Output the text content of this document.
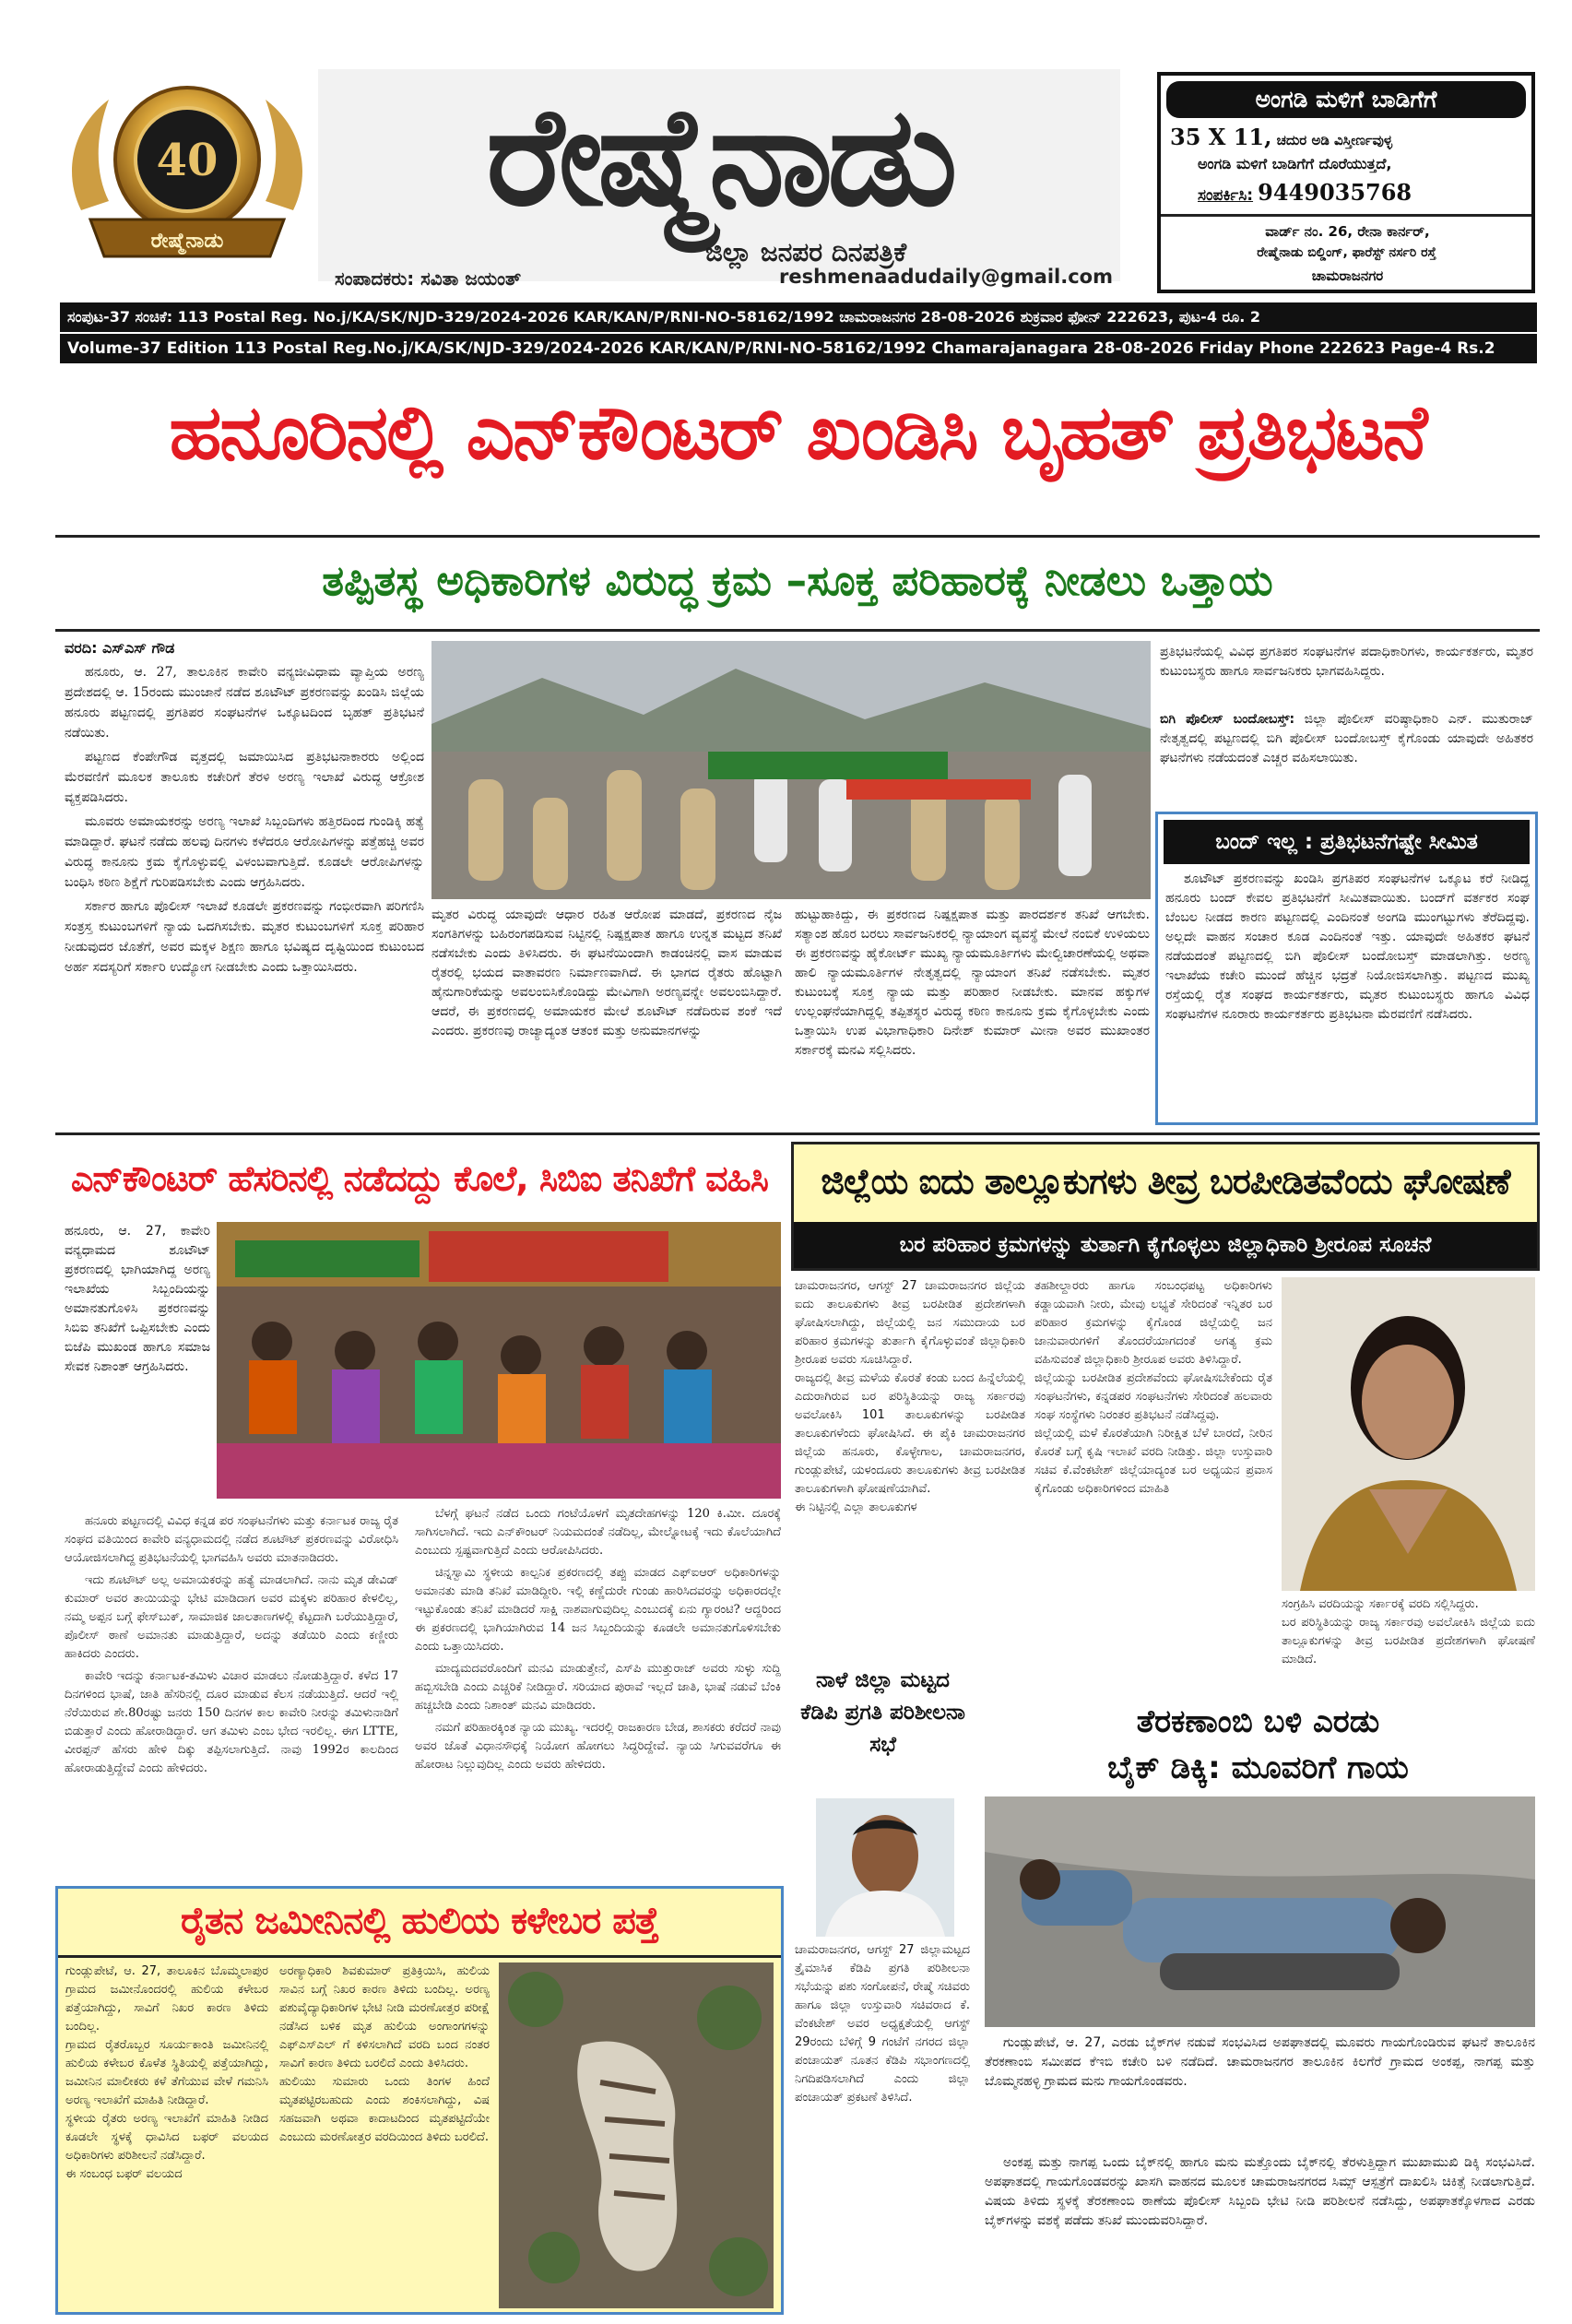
40
ರೇಷ್ಮೆನಾಡು
ರೇಷ್ಮೆನಾಡು
ಜಿಲ್ಲಾ ಜನಪರ ದಿನಪತ್ರಿಕೆ
ಸಂಪಾದಕರು: ಸವಿತಾ ಜಯಂತ್	reshmenaadudaily@gmail.com
ಅಂಗಡಿ ಮಳಿಗೆ ಬಾಡಿಗೆಗೆ
35 X 11, ಚದುರ ಅಡಿ ವಿಸ್ತೀರ್ಣವುಳ್ಳ
ಅಂಗಡಿ ಮಳಿಗೆ ಬಾಡಿಗೆಗೆ ದೊರೆಯುತ್ತದೆ,
ಸಂಪರ್ಕಿಸಿ: 9449035768
ವಾರ್ಡ್ ನಂ. 26, ರೇನಾ ಕಾರ್ನರ್,
ರೇಷ್ಮೆನಾಡು ಬಿಲ್ಡಿಂಗ್, ಫಾರೆಸ್ಟ್ ನರ್ಸರಿ ರಸ್ತೆ
ಚಾಮರಾಜನಗರ
ಸಂಪುಟ-37 ಸಂಚಿಕೆ: 113 Postal Reg. No.j/KA/SK/NJD-329/2024-2026 KAR/KAN/P/RNI-NO-58162/1992 ಚಾಮರಾಜನಗರ 28-08-2026 ಶುಕ್ರವಾರ ಫೋನ್ 222623, ಪುಟ-4 ರೂ. 2
Volume-37 Edition 113 Postal Reg.No.j/KA/SK/NJD-329/2024-2026 KAR/KAN/P/RNI-NO-58162/1992 Chamarajanagara 28-08-2026 Friday Phone 222623 Page-4 Rs.2
ಹನೂರಿನಲ್ಲಿ ಎನ್‌ಕೌಂಟರ್ ಖಂಡಿಸಿ ಬೃಹತ್ ಪ್ರತಿಭಟನೆ
ತಪ್ಪಿತಸ್ಥ ಅಧಿಕಾರಿಗಳ ವಿರುದ್ಧ ಕ್ರಮ –ಸೂಕ್ತ ಪರಿಹಾರಕ್ಕೆ ನೀಡಲು ಒತ್ತಾಯ
ವರದಿ: ಎಸ್‌ಎಸ್ ಗೌಡ

ಹನೂರು, ಆ. 27, ತಾಲೂಕಿನ ಕಾವೇರಿ ವನ್ಯಜೀವಿಧಾಮ ವ್ಯಾಪ್ತಿಯ ಅರಣ್ಯ ಪ್ರದೇಶದಲ್ಲಿ ಆ. 15ರಂದು ಮುಂಜಾನೆ ನಡೆದ ಶೂಟೌಟ್ ಪ್ರಕರಣವನ್ನು ಖಂಡಿಸಿ ಜಿಲ್ಲೆಯ ಹನೂರು ಪಟ್ಟಣದಲ್ಲಿ ಪ್ರಗತಿಪರ ಸಂಘಟನೆಗಳ ಒಕ್ಕೂಟದಿಂದ ಬೃಹತ್ ಪ್ರತಿಭಟನೆ ನಡೆಯಿತು.

ಪಟ್ಟಣದ ಕೆಂಪೇಗೌಡ ವೃತ್ತದಲ್ಲಿ ಜಮಾಯಿಸಿದ ಪ್ರತಿಭಟನಾಕಾರರು ಅಲ್ಲಿಂದ ಮೆರವಣಿಗೆ ಮೂಲಕ ತಾಲೂಕು ಕಚೇರಿಗೆ ತೆರಳಿ ಅರಣ್ಯ ಇಲಾಖೆ ವಿರುದ್ಧ ಆಕ್ರೋಶ ವ್ಯಕ್ತಪಡಿಸಿದರು.

ಮೂವರು ಅಮಾಯಕರನ್ನು ಅರಣ್ಯ ಇಲಾಖೆ ಸಿಬ್ಬಂದಿಗಳು ಹತ್ತಿರದಿಂದ ಗುಂಡಿಕ್ಕಿ ಹತ್ಯೆ ಮಾಡಿದ್ದಾರೆ. ಘಟನೆ ನಡೆದು ಹಲವು ದಿನಗಳು ಕಳೆದರೂ ಆರೋಪಿಗಳನ್ನು ಪತ್ತೆಹಚ್ಚಿ ಅವರ ವಿರುದ್ಧ ಕಾನೂನು ಕ್ರಮ ಕೈಗೊಳ್ಳುವಲ್ಲಿ ವಿಳಂಬವಾಗುತ್ತಿದೆ. ಕೂಡಲೇ ಆರೋಪಿಗಳನ್ನು ಬಂಧಿಸಿ ಕಠಿಣ ಶಿಕ್ಷೆಗೆ ಗುರಿಪಡಿಸಬೇಕು ಎಂದು ಆಗ್ರಹಿಸಿದರು.

ಸರ್ಕಾರ ಹಾಗೂ ಪೊಲೀಸ್ ಇಲಾಖೆ ಕೂಡಲೇ ಪ್ರಕರಣವನ್ನು ಗಂಭೀರವಾಗಿ ಪರಿಗಣಿಸಿ ಸಂತ್ರಸ್ತ ಕುಟುಂಬಗಳಿಗೆ ನ್ಯಾಯ ಒದಗಿಸಬೇಕು. ಮೃತರ ಕುಟುಂಬಗಳಿಗೆ ಸೂಕ್ತ ಪರಿಹಾರ ನೀಡುವುದರ ಜೊತೆಗೆ, ಅವರ ಮಕ್ಕಳ ಶಿಕ್ಷಣ ಹಾಗೂ ಭವಿಷ್ಯದ ದೃಷ್ಟಿಯಿಂದ ಕುಟುಂಬದ ಅರ್ಹ ಸದಸ್ಯರಿಗೆ ಸರ್ಕಾರಿ ಉದ್ಯೋಗ ನೀಡಬೇಕು ಎಂದು ಒತ್ತಾಯಿಸಿದರು.

ಮೃತರ ವಿರುದ್ಧ ಯಾವುದೇ ಆಧಾರ ರಹಿತ ಆರೋಪ ಮಾಡದೆ, ಪ್ರಕರಣದ ನೈಜ ಸಂಗತಿಗಳನ್ನು ಬಹಿರಂಗಪಡಿಸುವ ನಿಟ್ಟಿನಲ್ಲಿ ನಿಷ್ಪಕ್ಷಪಾತ ಹಾಗೂ ಉನ್ನತ ಮಟ್ಟದ ತನಿಖೆ ನಡೆಸಬೇಕು ಎಂದು ತಿಳಿಸಿದರು. ಈ ಘಟನೆಯಿಂದಾಗಿ ಕಾಡಂಚಿನಲ್ಲಿ ವಾಸ ಮಾಡುವ ರೈತರಲ್ಲಿ ಭಯದ ವಾತಾವರಣ ನಿರ್ಮಾಣವಾಗಿದೆ. ಈ ಭಾಗದ ರೈತರು ಹೊಟ್ಟಾಗಿ ಹೈನುಗಾರಿಕೆಯನ್ನು ಅವಲಂಬಿಸಿಕೊಂಡಿದ್ದು ಮೇವಿಗಾಗಿ ಅರಣ್ಯವನ್ನೇ ಅವಲಂಬಿಸಿದ್ದಾರೆ. ಆದರೆ, ಈ ಪ್ರಕರಣದಲ್ಲಿ ಅಮಾಯಕರ ಮೇಲೆ ಶೂಟೌಟ್ ನಡೆದಿರುವ ಶಂಕೆ ಇದೆ ಎಂದರು. ಪ್ರಕರಣವು ರಾಜ್ಯಾದ್ಯಂತ ಆತಂಕ ಮತ್ತು ಅನುಮಾನಗಳನ್ನು
ಹುಟ್ಟುಹಾಕಿದ್ದು, ಈ ಪ್ರಕರಣದ ನಿಷ್ಪಕ್ಷಪಾತ ಮತ್ತು ಪಾರದರ್ಶಕ ತನಿಖೆ ಆಗಬೇಕು. ಸತ್ಯಾಂಶ ಹೊರ ಬರಲು ಸಾರ್ವಜನಿಕರಲ್ಲಿ ನ್ಯಾಯಾಂಗ ವ್ಯವಸ್ಥೆ ಮೇಲೆ ನಂಬಿಕೆ ಉಳಿಯಲು ಈ ಪ್ರಕರಣವನ್ನು ಹೈಕೋರ್ಟ್ ಮುಖ್ಯ ನ್ಯಾಯಮೂರ್ತಿಗಳು ಮೇಲ್ವಿಚಾರಣೆಯಲ್ಲಿ ಅಥವಾ ಹಾಲಿ ನ್ಯಾಯಮೂರ್ತಿಗಳ ನೇತೃತ್ವದಲ್ಲಿ ನ್ಯಾಯಾಂಗ ತನಿಖೆ ನಡೆಸಬೇಕು. ಮೃತರ ಕುಟುಂಬಕ್ಕೆ ಸೂಕ್ತ ನ್ಯಾಯ ಮತ್ತು ಪರಿಹಾರ ನೀಡಬೇಕು. ಮಾನವ ಹಕ್ಕುಗಳ ಉಲ್ಲಂಘನೆಯಾಗಿದ್ದಲ್ಲಿ ತಪ್ಪಿತಸ್ಥರ ವಿರುದ್ಧ ಕಠಿಣ ಕಾನೂನು ಕ್ರಮ ಕೈಗೊಳ್ಳಬೇಕು ಎಂದು ಒತ್ತಾಯಿಸಿ ಉಪ ವಿಭಾಗಾಧಿಕಾರಿ ದಿನೇಶ್ ಕುಮಾರ್ ಮೀನಾ ಅವರ ಮುಖಾಂತರ ಸರ್ಕಾರಕ್ಕೆ ಮನವಿ ಸಲ್ಲಿಸಿದರು.
ಪ್ರತಿಭಟನೆಯಲ್ಲಿ ವಿವಿಧ ಪ್ರಗತಿಪರ ಸಂಘಟನೆಗಳ ಪದಾಧಿಕಾರಿಗಳು, ಕಾರ್ಯಕರ್ತರು, ಮೃತರ ಕುಟುಂಬಸ್ಥರು ಹಾಗೂ ಸಾರ್ವಜನಿಕರು ಭಾಗವಹಿಸಿದ್ದರು.
ಬಿಗಿ ಪೊಲೀಸ್ ಬಂದೋಬಸ್ತ್: ಜಿಲ್ಲಾ ಪೊಲೀಸ್ ವರಿಷ್ಠಾಧಿಕಾರಿ ಎನ್. ಮುತುರಾಜ್ ನೇತೃತ್ವದಲ್ಲಿ ಪಟ್ಟಣದಲ್ಲಿ ಬಿಗಿ ಪೊಲೀಸ್ ಬಂದೋಬಸ್ತ್ ಕೈಗೊಂಡು ಯಾವುದೇ ಅಹಿತಕರ ಘಟನೆಗಳು ನಡೆಯದಂತೆ ಎಚ್ಚರ ವಹಿಸಲಾಯಿತು.
ಬಂದ್ ಇಲ್ಲ : ಪ್ರತಿಭಟನೆಗಷ್ಟೇ ಸೀಮಿತ
ಶೂಟೌಟ್ ಪ್ರಕರಣವನ್ನು ಖಂಡಿಸಿ ಪ್ರಗತಿಪರ ಸಂಘಟನೆಗಳ ಒಕ್ಕೂಟ ಕರೆ ನೀಡಿದ್ದ ಹನೂರು ಬಂದ್ ಕೇವಲ ಪ್ರತಿಭಟನೆಗೆ ಸೀಮಿತವಾಯಿತು. ಬಂದ್‌ಗೆ ವರ್ತಕರ ಸಂಘ ಬೆಂಬಲ ನೀಡದ ಕಾರಣ ಪಟ್ಟಣದಲ್ಲಿ ಎಂದಿನಂತೆ ಅಂಗಡಿ ಮುಂಗಟ್ಟುಗಳು ತೆರೆದಿದ್ದವು. ಅಲ್ಲದೇ ವಾಹನ ಸಂಚಾರ ಕೂಡ ಎಂದಿನಂತೆ ಇತ್ತು. ಯಾವುದೇ ಅಹಿತಕರ ಘಟನೆ ನಡೆಯದಂತೆ ಪಟ್ಟಣದಲ್ಲಿ ಬಿಗಿ ಪೊಲೀಸ್ ಬಂದೋಬಸ್ತ್ ಮಾಡಲಾಗಿತ್ತು. ಅರಣ್ಯ ಇಲಾಖೆಯ ಕಚೇರಿ ಮುಂದೆ ಹೆಚ್ಚಿನ ಭದ್ರತೆ ನಿಯೋಜಿಸಲಾಗಿತ್ತು. ಪಟ್ಟಣದ ಮುಖ್ಯ ರಸ್ತೆಯಲ್ಲಿ ರೈತ ಸಂಘದ ಕಾರ್ಯಕರ್ತರು, ಮೃತರ ಕುಟುಂಬಸ್ಥರು ಹಾಗೂ ವಿವಿಧ ಸಂಘಟನೆಗಳ ನೂರಾರು ಕಾರ್ಯಕರ್ತರು ಪ್ರತಿಭಟನಾ ಮೆರವಣಿಗೆ ನಡೆಸಿದರು.
ಎನ್‌ಕೌಂಟರ್ ಹೆಸರಿನಲ್ಲಿ ನಡೆದದ್ದು ಕೊಲೆ, ಸಿಬಿಐ ತನಿಖೆಗೆ ವಹಿಸಿ
ಹನೂರು, ಆ. 27, ಕಾವೇರಿ ವನ್ಯಧಾಮದ ಶೂಟೌಟ್ ಪ್ರಕರಣದಲ್ಲಿ ಭಾಗಿಯಾಗಿದ್ದ ಅರಣ್ಯ ಇಲಾಖೆಯ ಸಿಬ್ಬಂದಿಯನ್ನು ಅಮಾನತುಗೊಳಿಸಿ ಪ್ರಕರಣವನ್ನು ಸಿಬಿಐ ತನಿಖೆಗೆ ಒಪ್ಪಿಸಬೇಕು ಎಂದು ಬಿಜೆಪಿ ಮುಖಂಡ ಹಾಗೂ ಸಮಾಜ ಸೇವಕ ನಿಶಾಂತ್ ಆಗ್ರಹಿಸಿದರು.

ಹನೂರು ಪಟ್ಟಣದಲ್ಲಿ ವಿವಿಧ ಕನ್ನಡ ಪರ ಸಂಘಟನೆಗಳು ಮತ್ತು ಕರ್ನಾಟಕ ರಾಜ್ಯ ರೈತ ಸಂಘದ ವತಿಯಿಂದ ಕಾವೇರಿ ವನ್ಯಧಾಮದಲ್ಲಿ ನಡೆದ ಶೂಟೌಟ್ ಪ್ರಕರಣವನ್ನು ವಿರೋಧಿಸಿ ಆಯೋಜಿಸಲಾಗಿದ್ದ ಪ್ರತಿಭಟನೆಯಲ್ಲಿ ಭಾಗವಹಿಸಿ ಅವರು ಮಾತನಾಡಿದರು.

ಇದು ಶೂಟೌಟ್ ಅಲ್ಲ ಅಮಾಯಕರನ್ನು ಹತ್ಯೆ ಮಾಡಲಾಗಿದೆ. ನಾನು ಮೃತ ಡೇವಿಡ್ ಕುಮಾರ್ ಅವರ ತಾಯಿಯನ್ನು ಭೇಟಿ ಮಾಡಿದಾಗ ಅವರ ಮಕ್ಕಳು ಪರಿಹಾರ ಕೇಳಲಿಲ್ಲ, ನಮ್ಮ ಅಪ್ಪನ ಬಗ್ಗೆ ಫೇಸ್‌ಬುಕ್, ಸಾಮಾಜಿಕ ಜಾಲತಾಣಗಳಲ್ಲಿ ಕೆಟ್ಟದಾಗಿ ಬರೆಯುತ್ತಿದ್ದಾರೆ, ಪೊಲೀಸ್ ಠಾಣೆ ಅಮಾನತು ಮಾಡುತ್ತಿದ್ದಾರೆ, ಅದನ್ನು ತಡೆಯಿರಿ ಎಂದು ಕಣ್ಣೀರು ಹಾಕಿದರು ಎಂದರು.

ಕಾವೇರಿ ಇದನ್ನು ಕರ್ನಾಟಕ-ತಮಿಳು ವಿಚಾರ ಮಾಡಲು ನೋಡುತ್ತಿದ್ದಾರೆ. ಕಳೆದ 17 ದಿನಗಳಿಂದ ಭಾಷೆ, ಜಾತಿ ಹೆಸರಿನಲ್ಲಿ ದೂರ ಮಾಡುವ ಕೆಲಸ ನಡೆಯುತ್ತಿದೆ. ಆದರೆ ಇಲ್ಲಿ ನೆರೆಯಿರುವ ಶೇ.80ರಷ್ಟು ಜನರು 150 ದಿನಗಳ ಕಾಲ ಕಾವೇರಿ ನೀರನ್ನು ತಮಿಳುನಾಡಿಗೆ ಬಿಡುತ್ತಾರೆ ಎಂದು ಹೋರಾಡಿದ್ದಾರೆ. ಆಗ ತಮಿಳು ಎಂಬ ಭೇದ ಇರಲಿಲ್ಲ. ಈಗ LTTE, ವೀರಪ್ಪನ್ ಹೆಸರು ಹೇಳಿ ದಿಕ್ಕು ತಪ್ಪಿಸಲಾಗುತ್ತಿದೆ. ನಾವು 1992ರ ಕಾಲದಿಂದ ಹೋರಾಡುತ್ತಿದ್ದೇವೆ ಎಂದು ಹೇಳಿದರು.

ಬೆಳಗ್ಗೆ ಘಟನೆ ನಡೆದ ಒಂದು ಗಂಟೆಯೊಳಗೆ ಮೃತದೇಹಗಳನ್ನು 120 ಕಿ.ಮೀ. ದೂರಕ್ಕೆ ಸಾಗಿಸಲಾಗಿದೆ. ಇದು ಎನ್‌ಕೌಂಟರ್ ನಿಯಮದಂತೆ ನಡೆದಿಲ್ಲ, ಮೇಲ್ನೋಟಕ್ಕೆ ಇದು ಕೊಲೆಯಾಗಿದೆ ಎಂಬುದು ಸ್ಪಷ್ಟವಾಗುತ್ತಿದೆ ಎಂದು ಆರೋಪಿಸಿದರು.

ಚಿನ್ನಸ್ವಾಮಿ ಸ್ಥಳೀಯ ಕಾಲ್ಪನಿಕ ಪ್ರಕರಣದಲ್ಲಿ ತಪ್ಪು ಮಾಡದ ಎಫ್‌ಐಆರ್ ಅಧಿಕಾರಿಗಳನ್ನು ಅಮಾನತು ಮಾಡಿ ತನಿಖೆ ಮಾಡಿದ್ದೀರಿ. ಇಲ್ಲಿ ಕಣ್ಣೆದುರೇ ಗುಂಡು ಹಾರಿಸಿದವರನ್ನು ಅಧಿಕಾರದಲ್ಲೇ ಇಟ್ಟುಕೊಂಡು ತನಿಖೆ ಮಾಡಿದರೆ ಸಾಕ್ಷಿ ನಾಶವಾಗುವುದಿಲ್ಲ ಎಂಬುದಕ್ಕೆ ಏನು ಗ್ಯಾರಂಟಿ? ಆದ್ದರಿಂದ ಈ ಪ್ರಕರಣದಲ್ಲಿ ಭಾಗಿಯಾಗಿರುವ 14 ಜನ ಸಿಬ್ಬಂದಿಯನ್ನು ಕೂಡಲೇ ಅಮಾನತುಗೊಳಿಸಬೇಕು ಎಂದು ಒತ್ತಾಯಿಸಿದರು.

ಮಾದ್ಯಮದವರೊಂದಿಗೆ ಮನವಿ ಮಾಡುತ್ತೇನೆ, ಎಸ್‌ಪಿ ಮುತ್ತುರಾಜ್ ಅವರು ಸುಳ್ಳು ಸುದ್ದಿ ಹಬ್ಬಿಸಬೇಡಿ ಎಂದು ಎಚ್ಚರಿಕೆ ನೀಡಿದ್ದಾರೆ. ಸರಿಯಾದ ಪುರಾವೆ ಇಲ್ಲದೆ ಜಾತಿ, ಭಾಷೆ ನಡುವೆ ಬೆಂಕಿ ಹಚ್ಚಬೇಡಿ ಎಂದು ನಿಶಾಂತ್ ಮನವಿ ಮಾಡಿದರು.

ನಮಗೆ ಪರಿಹಾರಕ್ಕಿಂತ ನ್ಯಾಯ ಮುಖ್ಯ. ಇದರಲ್ಲಿ ರಾಜಕಾರಣ ಬೇಡ, ಶಾಸಕರು ಕರೆದರೆ ನಾವು ಅವರ ಜೊತೆ ವಿಧಾನಸೌಧಕ್ಕೆ ನಿಯೋಗ ಹೋಗಲು ಸಿದ್ಧರಿದ್ದೇವೆ. ನ್ಯಾಯ ಸಿಗುವವರೆಗೂ ಈ ಹೋರಾಟ ನಿಲ್ಲುವುದಿಲ್ಲ ಎಂದು ಅವರು ಹೇಳಿದರು.

ಜಿಲ್ಲೆಯ ಐದು ತಾಲ್ಲೂಕುಗಳು ತೀವ್ರ ಬರಪೀಡಿತವೆಂದು ಘೋಷಣೆ
ಬರ ಪರಿಹಾರ ಕ್ರಮಗಳನ್ನು ತುರ್ತಾಗಿ ಕೈಗೊಳ್ಳಲು ಜಿಲ್ಲಾಧಿಕಾರಿ ಶ್ರೀರೂಪ ಸೂಚನೆ
ಚಾಮರಾಜನಗರ, ಆಗಸ್ಟ್ 27 ಚಾಮರಾಜನಗರ ಜಿಲ್ಲೆಯ ಐದು ತಾಲೂಕುಗಳು ತೀವ್ರ ಬರಪೀಡಿತ ಪ್ರದೇಶಗಳಾಗಿ ಘೋಷಿಸಲಾಗಿದ್ದು, ಜಿಲ್ಲೆಯಲ್ಲಿ ಜನ ಸಮುದಾಯ ಬರ ಪರಿಹಾರ ಕ್ರಮಗಳನ್ನು ತುರ್ತಾಗಿ ಕೈಗೊಳ್ಳುವಂತೆ ಜಿಲ್ಲಾಧಿಕಾರಿ ಶ್ರೀರೂಪ ಅವರು ಸೂಚಿಸಿದ್ದಾರೆ.
ರಾಜ್ಯದಲ್ಲಿ ತೀವ್ರ ಮಳೆಯ ಕೊರತೆ ಕಂಡು ಬಂದ ಹಿನ್ನೆಲೆಯಲ್ಲಿ ಎದುರಾಗಿರುವ ಬರ ಪರಿಸ್ಥಿತಿಯನ್ನು ರಾಜ್ಯ ಸರ್ಕಾರವು ಅವಲೋಕಿಸಿ 101 ತಾಲೂಕುಗಳನ್ನು ಬರಪೀಡಿತ ತಾಲೂಕುಗಳೆಂದು ಘೋಷಿಸಿದೆ. ಈ ಪೈಕಿ ಚಾಮರಾಜನಗರ ಜಿಲ್ಲೆಯ ಹನೂರು, ಕೊಳ್ಳೇಗಾಲ, ಚಾಮರಾಜನಗರ, ಗುಂಡ್ಲುಪೇಟೆ, ಯಳಂದೂರು ತಾಲೂಕುಗಳು ತೀವ್ರ ಬರಪೀಡಿತ ತಾಲೂಕುಗಳಾಗಿ ಘೋಷಣೆಯಾಗಿವೆ.
ಈ ನಿಟ್ಟಿನಲ್ಲಿ ಎಲ್ಲಾ ತಾಲೂಕುಗಳ
ತಹಶೀಲ್ದಾರರು ಹಾಗೂ ಸಂಬಂಧಪಟ್ಟ ಅಧಿಕಾರಿಗಳು ಕಡ್ಡಾಯವಾಗಿ ನೀರು, ಮೇವು ಲಭ್ಯತೆ ಸೇರಿದಂತೆ ಇನ್ನಿತರ ಬರ ಪರಿಹಾರ ಕ್ರಮಗಳನ್ನು ಕೈಗೊಂಡ ಜಿಲ್ಲೆಯಲ್ಲಿ ಜನ ಜಾನುವಾರುಗಳಿಗೆ ತೊಂದರೆಯಾಗದಂತೆ ಅಗತ್ಯ ಕ್ರಮ ವಹಿಸುವಂತೆ ಜಿಲ್ಲಾಧಿಕಾರಿ ಶ್ರೀರೂಪ ಅವರು ತಿಳಿಸಿದ್ದಾರೆ.
ಜಿಲ್ಲೆಯನ್ನು ಬರಪೀಡಿತ ಪ್ರದೇಶವೆಂದು ಘೋಷಿಸಬೇಕೆಂದು ರೈತ ಸಂಘಟನೆಗಳು, ಕನ್ನಡಪರ ಸಂಘಟನೆಗಳು ಸೇರಿದಂತೆ ಹಲವಾರು ಸಂಘ ಸಂಸ್ಥೆಗಳು ನಿರಂತರ ಪ್ರತಿಭಟನೆ ನಡೆಸಿದ್ದವು.
ಜಿಲ್ಲೆಯಲ್ಲಿ ಮಳೆ ಕೊರತೆಯಾಗಿ ನಿರೀಕ್ಷಿತ ಬೆಳೆ ಬಾರದೆ, ನೀರಿನ ಕೊರತೆ ಬಗ್ಗೆ ಕೃಷಿ ಇಲಾಖೆ ವರದಿ ನೀಡಿತ್ತು. ಜಿಲ್ಲಾ ಉಸ್ತುವಾರಿ ಸಚಿವ ಕೆ.ವೆಂಕಟೇಶ್ ಜಿಲ್ಲೆಯಾದ್ಯಂತ ಬರ ಅಧ್ಯಯನ ಪ್ರವಾಸ ಕೈಗೊಂಡು ಅಧಿಕಾರಿಗಳಿಂದ ಮಾಹಿತಿ
ಸಂಗ್ರಹಿಸಿ ವರದಿಯನ್ನು ಸರ್ಕಾರಕ್ಕೆ ವರದಿ ಸಲ್ಲಿಸಿದ್ದರು.
ಬರ ಪರಿಸ್ಥಿತಿಯನ್ನು ರಾಜ್ಯ ಸರ್ಕಾರವು ಅವಲೋಕಿಸಿ ಜಿಲ್ಲೆಯ ಐದು ತಾಲ್ಲೂಕುಗಳನ್ನು ತೀವ್ರ ಬರಪೀಡಿತ ಪ್ರದೇಶಗಳಾಗಿ ಘೋಷಣೆ ಮಾಡಿದೆ.
ನಾಳೆ ಜಿಲ್ಲಾ ಮಟ್ಟದ ಕೆಡಿಪಿ ಪ್ರಗತಿ ಪರಿಶೀಲನಾ ಸಭೆ
ಚಾಮರಾಜನಗರ, ಆಗಸ್ಟ್ 27 ಜಿಲ್ಲಾಮಟ್ಟದ ತ್ರೈಮಾಸಿಕ ಕೆಡಿಪಿ ಪ್ರಗತಿ ಪರಿಶೀಲನಾ ಸಭೆಯನ್ನು ಪಶು ಸಂಗೋಪನೆ, ರೇಷ್ಮೆ ಸಚಿವರು ಹಾಗೂ ಜಿಲ್ಲಾ ಉಸ್ತುವಾರಿ ಸಚಿವರಾದ ಕೆ. ವೆಂಕಟೇಶ್ ಅವರ ಅಧ್ಯಕ್ಷತೆಯಲ್ಲಿ ಆಗಸ್ಟ್ 29ರಂದು ಬೆಳಿಗ್ಗೆ 9 ಗಂಟೆಗೆ ನಗರದ ಜಿಲ್ಲಾ ಪಂಚಾಯತ್ ನೂತನ ಕೆಡಿಪಿ ಸಭಾಂಗಣದಲ್ಲಿ ನಿಗದಿಪಡಿಸಲಾಗಿದೆ ಎಂದು ಜಿಲ್ಲಾ ಪಂಚಾಯತ್ ಪ್ರಕಟಣೆ ತಿಳಿಸಿದೆ.
ತೆರಕಣಾಂಬಿ ಬಳಿ ಎರಡು
ಬೈಕ್ ಡಿಕ್ಕಿ: ಮೂವರಿಗೆ ಗಾಯ
ಗುಂಡ್ಲುಪೇಟೆ, ಆ. 27, ಎರಡು ಬೈಕ್‌ಗಳ ನಡುವೆ ಸಂಭವಿಸಿದ ಅಪಘಾತದಲ್ಲಿ ಮೂವರು ಗಾಯಗೊಂಡಿರುವ ಘಟನೆ ತಾಲೂಕಿನ ತೆರಕಣಾಂಬಿ ಸಮೀಪದ ಕೆಇಬಿ ಕಚೇರಿ ಬಳಿ ನಡೆದಿದೆ. ಚಾಮರಾಜನಗರ ತಾಲೂಕಿನ ಕಿಲಗೆರೆ ಗ್ರಾಮದ ಅಂಕಪ್ಪ, ನಾಗಪ್ಪ ಮತ್ತು ಬೊಮ್ಮನಹಳ್ಳಿ ಗ್ರಾಮದ ಮನು ಗಾಯಗೊಂಡವರು.
ಅಂಕಪ್ಪ ಮತ್ತು ನಾಗಪ್ಪ ಒಂದು ಬೈಕ್‌ನಲ್ಲಿ ಹಾಗೂ ಮನು ಮತ್ತೊಂದು ಬೈಕ್‌ನಲ್ಲಿ ತೆರಳುತ್ತಿದ್ದಾಗ ಮುಖಾಮುಖಿ ಡಿಕ್ಕಿ ಸಂಭವಿಸಿದೆ. ಅಪಘಾತದಲ್ಲಿ ಗಾಯಗೊಂಡವರನ್ನು ಖಾಸಗಿ ವಾಹನದ ಮೂಲಕ ಚಾಮರಾಜನಗರದ ಸಿಮ್ಸ್ ಆಸ್ಪತ್ರೆಗೆ ದಾಖಲಿಸಿ ಚಿಕಿತ್ಸೆ ನೀಡಲಾಗುತ್ತಿದೆ. ವಿಷಯ ತಿಳಿದು ಸ್ಥಳಕ್ಕೆ ತೆರಕಣಾಂಬಿ ಠಾಣೆಯ ಪೊಲೀಸ್ ಸಿಬ್ಬಂದಿ ಭೇಟಿ ನೀಡಿ ಪರಿಶೀಲನೆ ನಡೆಸಿದ್ದು, ಅಪಘಾತಕ್ಕೊಳಗಾದ ಎರಡು ಬೈಕ್‌ಗಳನ್ನು ವಶಕ್ಕೆ ಪಡೆದು ತನಿಖೆ ಮುಂದುವರಿಸಿದ್ದಾರೆ.
ರೈತನ ಜಮೀನಿನಲ್ಲಿ ಹುಲಿಯ ಕಳೇಬರ ಪತ್ತೆ
ಗುಂಡ್ಲುಪೇಟೆ, ಆ. 27, ತಾಲೂಕಿನ ಬೊಮ್ಮಲಾಪುರ ಗ್ರಾಮದ ಜಮೀನೊಂದರಲ್ಲಿ ಹುಲಿಯ ಕಳೇಬರ ಪತ್ತೆಯಾಗಿದ್ದು, ಸಾವಿಗೆ ನಿಖರ ಕಾರಣ ತಿಳಿದು ಬಂದಿಲ್ಲ.
ಗ್ರಾಮದ ರೈತರೊಬ್ಬರ ಸೂರ್ಯಕಾಂತಿ ಜಮೀನಿನಲ್ಲಿ ಹುಲಿಯ ಕಳೇಬರ ಕೊಳೆತ ಸ್ಥಿತಿಯಲ್ಲಿ ಪತ್ತೆಯಾಗಿದ್ದು, ಜಮೀನಿನ ಮಾಲೀಕರು ಕಳೆ ತೆಗೆಯುವ ವೇಳೆ ಗಮನಿಸಿ ಅರಣ್ಯ ಇಲಾಖೆಗೆ ಮಾಹಿತಿ ನೀಡಿದ್ದಾರೆ.
ಸ್ಥಳೀಯ ರೈತರು ಅರಣ್ಯ ಇಲಾಖೆಗೆ ಮಾಹಿತಿ ನೀಡಿದ ಕೂಡಲೇ ಸ್ಥಳಕ್ಕೆ ಧಾವಿಸಿದ ಬಫರ್ ವಲಯದ ಅಧಿಕಾರಿಗಳು ಪರಿಶೀಲನೆ ನಡೆಸಿದ್ದಾರೆ.
ಈ ಸಂಬಂಧ ಬಫರ್ ವಲಯದ
ಅರಣ್ಯಾಧಿಕಾರಿ ಶಿವಕುಮಾರ್ ಪ್ರತಿಕ್ರಿಯಿಸಿ, ಹುಲಿಯ ಸಾವಿನ ಬಗ್ಗೆ ನಿಖರ ಕಾರಣ ತಿಳಿದು ಬಂದಿಲ್ಲ. ಅರಣ್ಯ ಪಶುವೈದ್ಯಾಧಿಕಾರಿಗಳ ಭೇಟಿ ನೀಡಿ ಮರಣೋತ್ತರ ಪರೀಕ್ಷೆ ನಡೆಸಿದ ಬಳಿಕ ಮೃತ ಹುಲಿಯ ಅಂಗಾಂಗಗಳನ್ನು ಎಫ್‌ಎಸ್‌ಎಲ್ ಗೆ ಕಳಿಸಲಾಗಿದೆ ವರದಿ ಬಂದ ನಂತರ ಸಾವಿಗೆ ಕಾರಣ ತಿಳಿದು ಬರಲಿದೆ ಎಂದು ತಿಳಿಸಿದರು.
ಹುಲಿಯು ಸುಮಾರು ಒಂದು ತಿಂಗಳ ಹಿಂದೆ ಮೃತಪಟ್ಟಿರಬಹುದು ಎಂದು ಶಂಕಿಸಲಾಗಿದ್ದು, ವಿಷ ಸಹಜವಾಗಿ ಅಥವಾ ಕಾದಾಟದಿಂದ ಮೃತಪಟ್ಟಿದೆಯೇ ಎಂಬುದು ಮರಣೋತ್ತರ ವರದಿಯಿಂದ ತಿಳಿದು ಬರಲಿದೆ.
